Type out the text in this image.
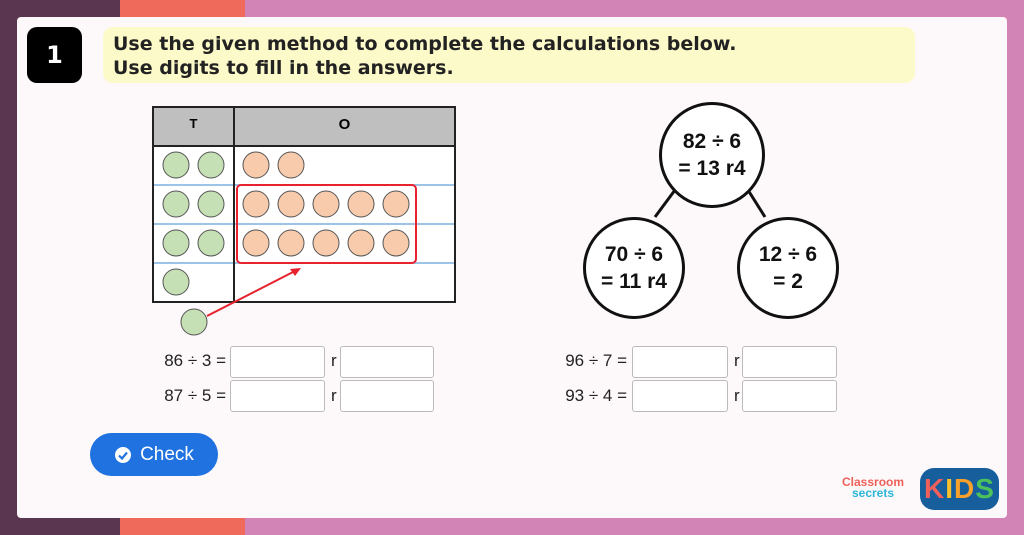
1	Use the given method to complete the calculations below.
Use digits to fill in the answers.
T	O
82 ÷ 6
= 13 r4
70 ÷ 6
= 11 r4
12 ÷ 6
= 2
86 ÷ 3 =	r
87 ÷ 5 =	r
96 ÷ 7 =	r
93 ÷ 4 =	r
Check
Classroom
secrets	K I D S
